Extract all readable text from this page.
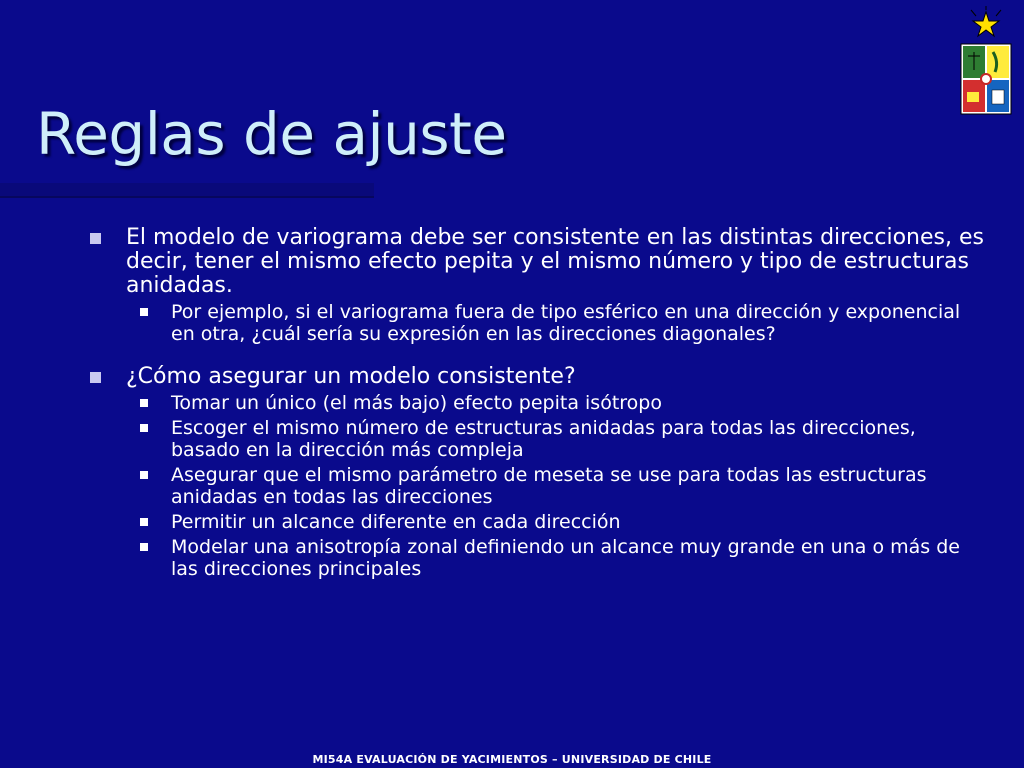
Reglas de ajuste
El modelo de variograma debe ser consistente en las distintas direcciones, es decir, tener el mismo efecto pepita y el mismo número y tipo de estructuras anidadas.
Por ejemplo, si el variograma fuera de tipo esférico en una dirección y exponencial en otra, ¿cuál sería su expresión en las direcciones diagonales?
¿Cómo asegurar un modelo consistente?
Tomar un único (el más bajo) efecto pepita isótropo
Escoger el mismo número de estructuras anidadas para todas las direcciones, basado en la dirección más compleja
Asegurar que el mismo parámetro de meseta se use para todas las estructuras anidadas en todas las direcciones
Permitir un alcance diferente en cada dirección
Modelar una anisotropía zonal definiendo un alcance muy grande en una o más de las direcciones principales
MI54A EVALUACIÓN DE YACIMIENTOS – UNIVERSIDAD DE CHILE
